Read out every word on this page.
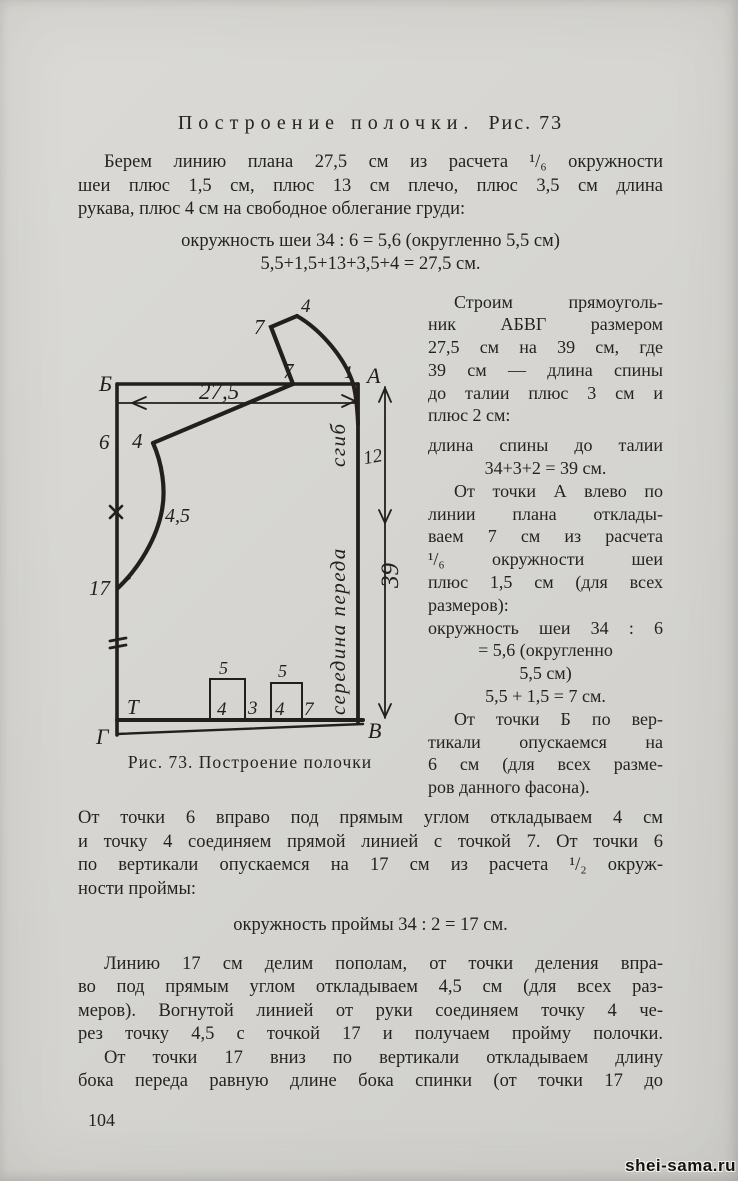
Построение полочки. Рис. 73
Берем линию плана 27,5 см из расчета ¹/₆ окружности
шеи плюс 1,5 см, плюс 13 см плечо, плюс 3,5 см длина
рукава, плюс 4 см на свободное облегание груди:
окружность шеи 34 : 6 = 5,6 (округленно 5,5 см)
5,5+1,5+13+3,5+4 = 27,5 см.
Б	А
В
Г
Т
1
7
7
4
4
6
17
4,5
27,5
12
39
5
4 3
5
4 7 середина переда
сгиб
Рис. 73. Построение полочки
Строим прямоуголь-
ник АБВГ размером
27,5 см на 39 см, где
39 см — длина спины
до талии плюс 3 см и
плюс 2 см:
длина спины до талии
34+3+2 = 39 см.
От точки А влево по
линии плана отклады-
ваем 7 см из расчета
¹/₆ окружности шеи
плюс 1,5 см (для всех
размеров):
окружность шеи 34 : 6
= 5,6 (округленно
5,5 см)
5,5 + 1,5 = 7 см.
От точки Б по вер-
тикали опускаемся на
6 см (для всех разме-
ров данного фасона).
От точки 6 вправо под прямым углом откладываем 4 см
и точку 4 соединяем прямой линией с точкой 7. От точки 6
по вертикали опускаемся на 17 см из расчета ¹/₂ окруж-
ности проймы:
окружность проймы 34 : 2 = 17 см.
Линию 17 см делим пополам, от точки деления впра-
во под прямым углом откладываем 4,5 см (для всех раз-
меров). Вогнутой линией от руки соединяем точку 4 че-
рез точку 4,5 с точкой 17 и получаем пройму полочки.
От точки 17 вниз по вертикали откладываем длину
бока переда равную длине бока спинки (от точки 17 до
104
shei-sama.ru
